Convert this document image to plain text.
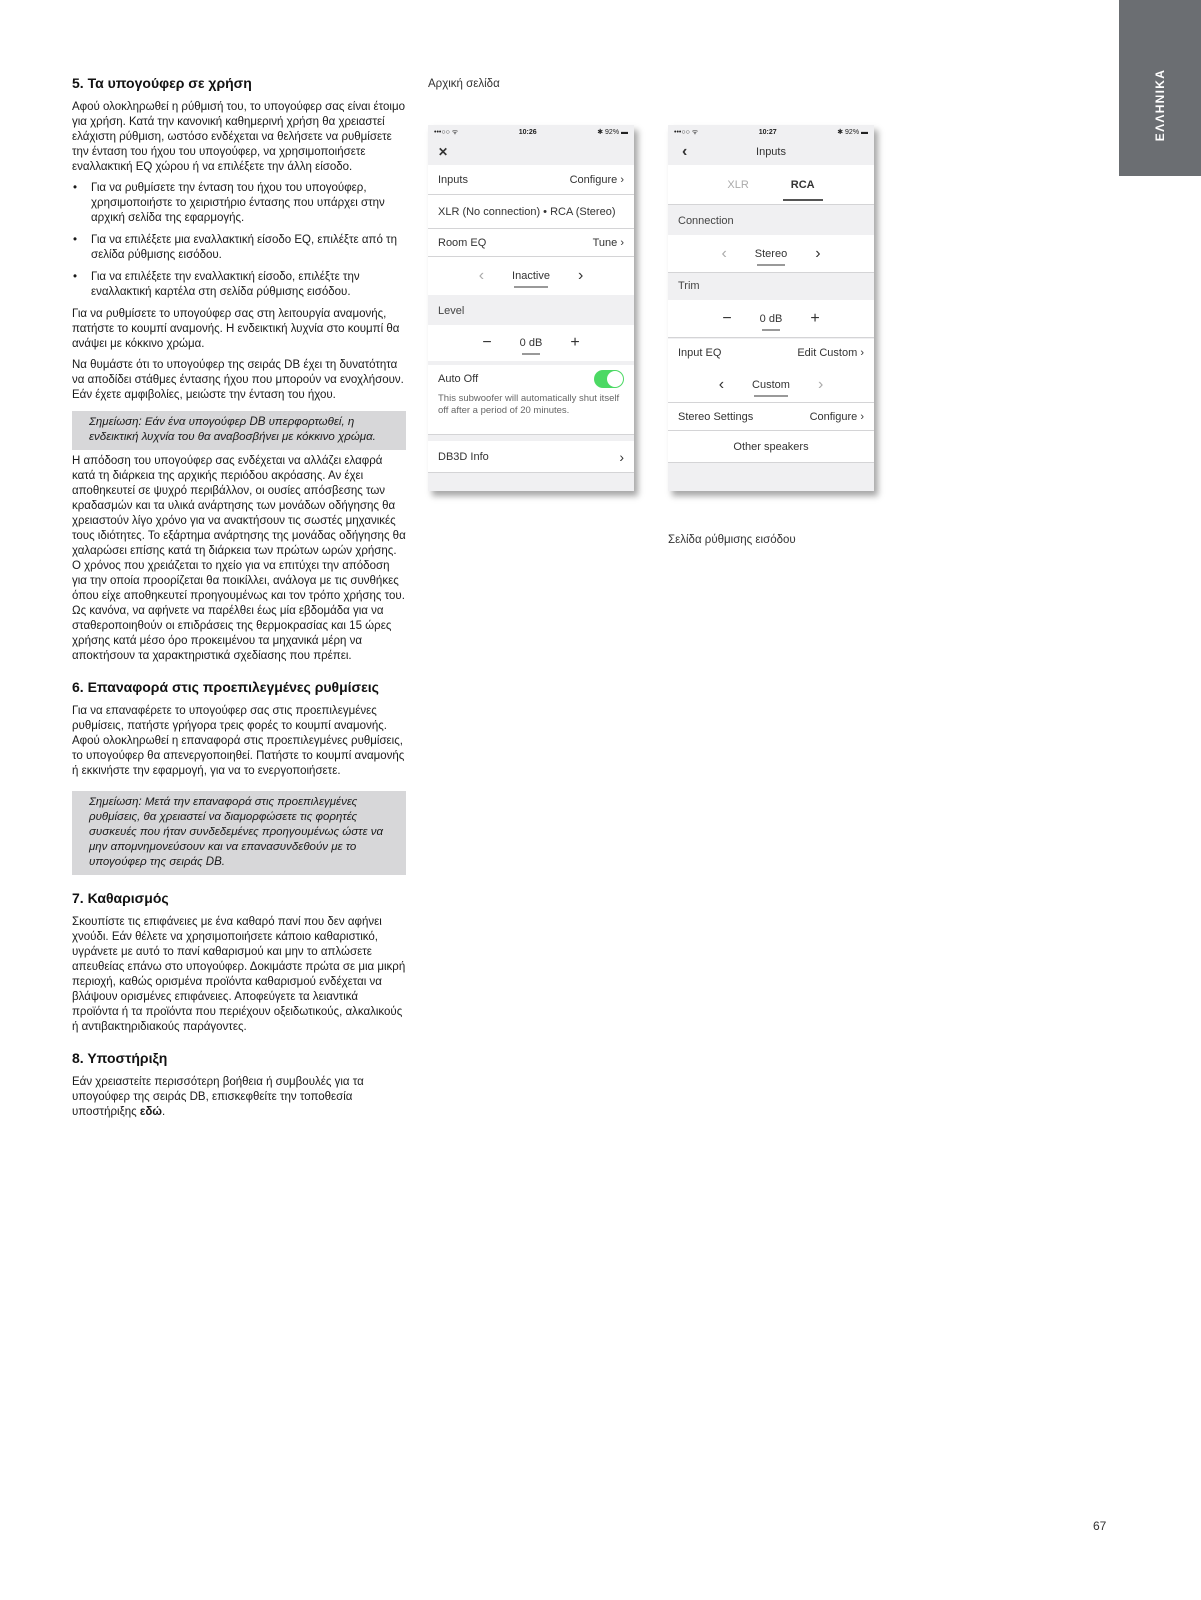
ΕΛΛΗΝΙΚΑ
5. Τα υπογούφερ σε χρήση

Αφού ολοκληρωθεί η ρύθμισή του, το υπογούφερ σας είναι έτοιμο για χρήση. Κατά την κανονική καθημερινή χρήση θα χρειαστεί ελάχιστη ρύθμιση, ωστόσο ενδέχεται να θελήσετε να ρυθμίσετε την ένταση του ήχου του υπογούφερ, να χρησιμοποιήσετε εναλλακτική EQ χώρου ή να επιλέξετε την άλλη είσοδο.

• Για να ρυθμίσετε την ένταση του ήχου του υπογούφερ, χρησιμοποιήστε το χειριστήριο έντασης που υπάρχει στην αρχική σελίδα της εφαρμογής.
• Για να επιλέξετε μια εναλλακτική είσοδο EQ, επιλέξτε από τη σελίδα ρύθμισης εισόδου.
• Για να επιλέξετε την εναλλακτική είσοδο, επιλέξτε την εναλλακτική καρτέλα στη σελίδα ρύθμισης εισόδου.

Για να ρυθμίσετε το υπογούφερ σας στη λειτουργία αναμονής, πατήστε το κουμπί αναμονής. Η ενδεικτική λυχνία στο κουμπί θα ανάψει με κόκκινο χρώμα.

Να θυμάστε ότι το υπογούφερ της σειράς DB έχει τη δυνατότητα να αποδίδει στάθμες έντασης ήχου που μπορούν να ενοχλήσουν. Εάν έχετε αμφιβολίες, μειώστε την ένταση του ήχου.

Σημείωση: Εάν ένα υπογούφερ DB υπερφορτωθεί, η ενδεικτική λυχνία του θα αναβοσβήνει με κόκκινο χρώμα.

Η απόδοση του υπογούφερ σας ενδέχεται να αλλάζει ελαφρά κατά τη διάρκεια της αρχικής περιόδου ακρόασης. Αν έχει αποθηκευτεί σε ψυχρό περιβάλλον, οι ουσίες απόσβεσης των κραδασμών και τα υλικά ανάρτησης των μονάδων οδήγησης θα χρειαστούν λίγο χρόνο για να ανακτήσουν τις σωστές μηχανικές τους ιδιότητες. Το εξάρτημα ανάρτησης της μονάδας οδήγησης θα χαλαρώσει επίσης κατά τη διάρκεια των πρώτων ωρών χρήσης. Ο χρόνος που χρειάζεται το ηχείο για να επιτύχει την απόδοση για την οποία προορίζεται θα ποικίλλει, ανάλογα με τις συνθήκες όπου είχε αποθηκευτεί προηγουμένως και τον τρόπο χρήσης του. Ως κανόνα, να αφήνετε να παρέλθει έως μία εβδομάδα για να σταθεροποιηθούν οι επιδράσεις της θερμοκρασίας και 15 ώρες χρήσης κατά μέσο όρο προκειμένου τα μηχανικά μέρη να αποκτήσουν τα χαρακτηριστικά σχεδίασης που πρέπει.

6. Επαναφορά στις προεπιλεγμένες ρυθμίσεις

Για να επαναφέρετε το υπογούφερ σας στις προεπιλεγμένες ρυθμίσεις, πατήστε γρήγορα τρεις φορές το κουμπί αναμονής. Αφού ολοκληρωθεί η επαναφορά στις προεπιλεγμένες ρυθμίσεις, το υπογούφερ θα απενεργοποιηθεί. Πατήστε το κουμπί αναμονής ή εκκινήστε την εφαρμογή, για να το ενεργοποιήσετε.

Σημείωση: Μετά την επαναφορά στις προεπιλεγμένες ρυθμίσεις, θα χρειαστεί να διαμορφώσετε τις φορητές συσκευές που ήταν συνδεδεμένες προηγουμένως ώστε να μην απομνημονεύσουν και να επανασυνδεθούν με το υπογούφερ της σειράς DB.
7. Καθαρισμός

Σκουπίστε τις επιφάνειες με ένα καθαρό πανί που δεν αφήνει χνούδι. Εάν θέλετε να χρησιμοποιήσετε κάποιο καθαριστικό, υγράνετε με αυτό το πανί καθαρισμού και μην το απλώσετε απευθείας επάνω στο υπογούφερ. Δοκιμάστε πρώτα σε μια μικρή περιοχή, καθώς ορισμένα προϊόντα καθαρισμού ενδέχεται να βλάψουν ορισμένες επιφάνειες. Αποφεύγετε τα λειαντικά προϊόντα ή τα προϊόντα που περιέχουν οξειδωτικούς, αλκαλικούς ή αντιβακτηριδιακούς παράγοντες.

8. Υποστήριξη

Εάν χρειαστείτε περισσότερη βοήθεια ή συμβουλές για τα υπογούφερ της σειράς DB, επισκεφθείτε την τοποθεσία υποστήριξης εδώ.

Αρχική σελίδα
Σελίδα ρύθμισης εισόδου
•••○○ ᯤ	10:26	✱ 92% ▬
✕
Inputs	Configure ›
XLR (No connection) • RCA (Stereo)
Room EQ	Tune ›
‹	Inactive ›
Level
−	0 dB +
Auto Off
This subwoofer will automatically shut itself off after a period of 20 minutes.
DB3D Info	›
•••○○ ᯤ	10:27	✱ 92% ▬
‹	Inputs
XLR	RCA
Connection
‹	Stereo ›
Trim
−	0 dB +
Input EQ	Edit Custom ›
‹	Custom ›
Stereo Settings	Configure ›
Other speakers
67
